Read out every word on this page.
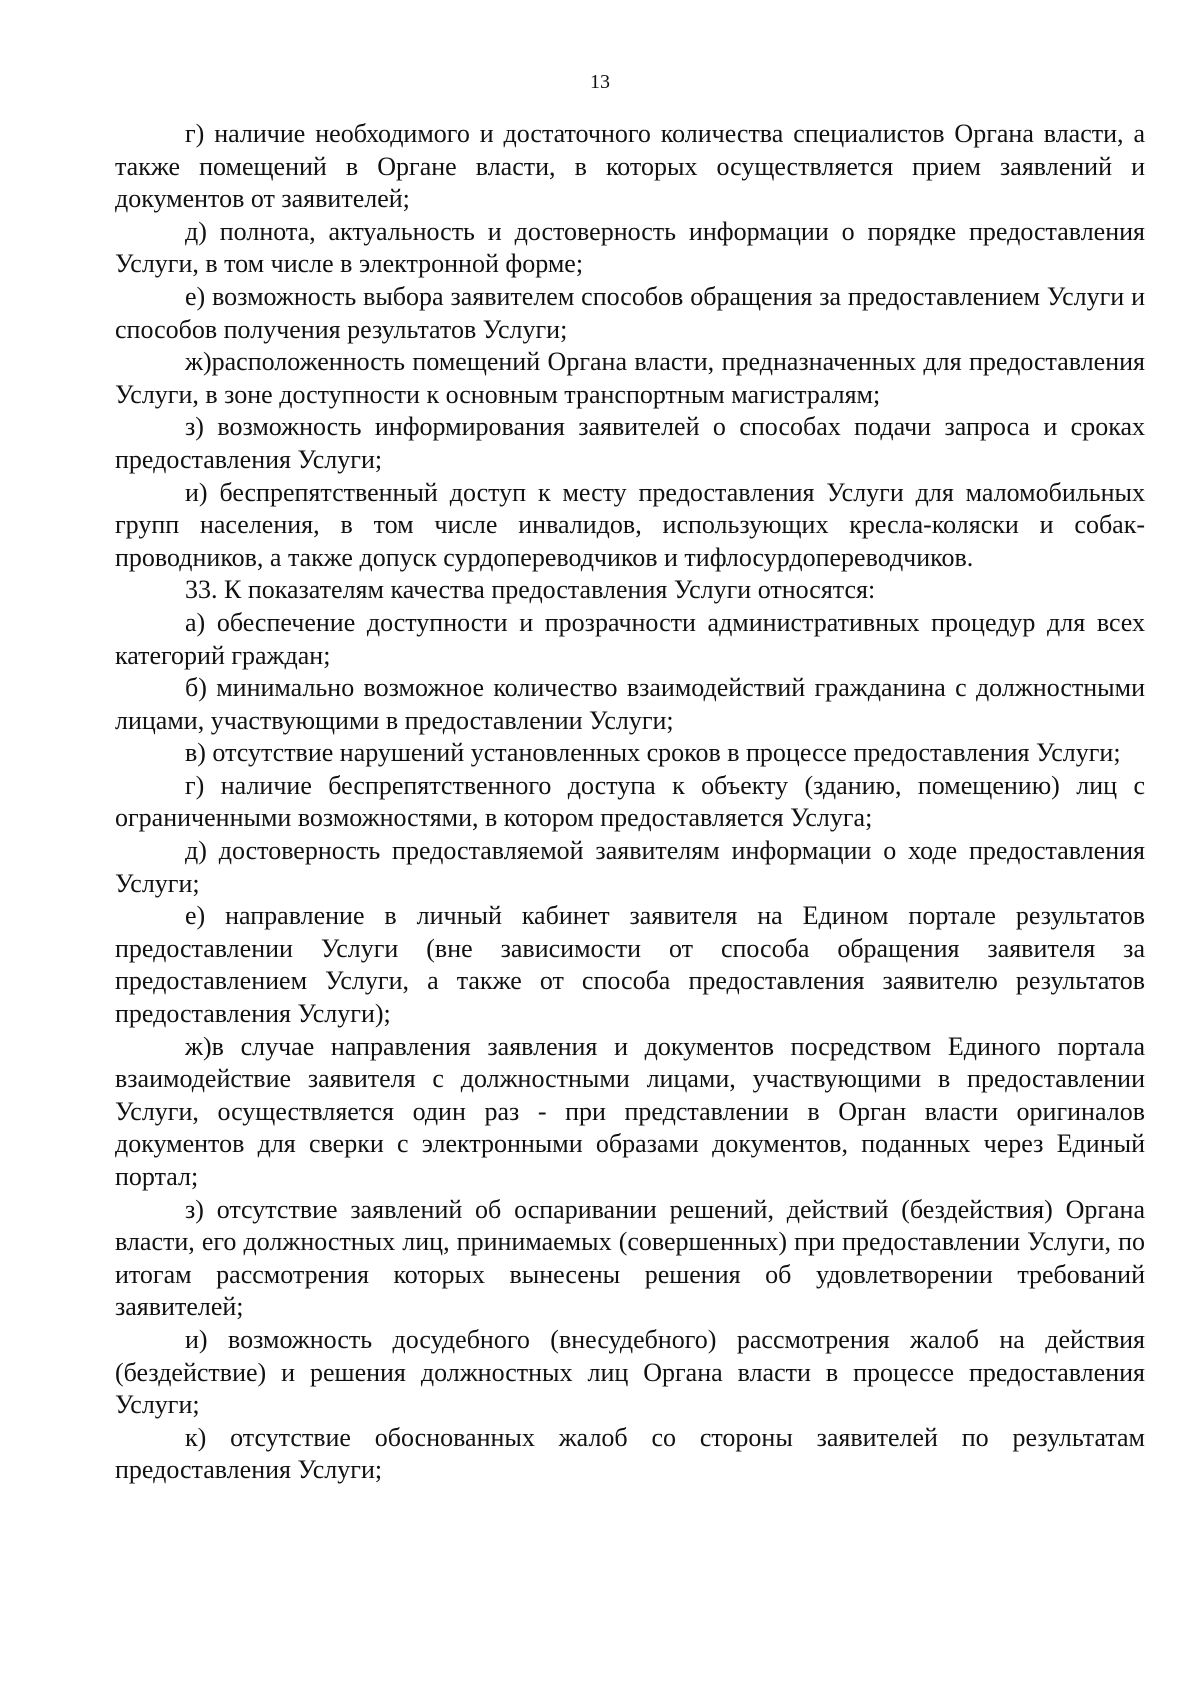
13

г) наличие необходимого и достаточного количества специалистов Органа власти, а также помещений в Органе власти, в которых осуществляется прием заявлений и документов от заявителей;

д) полнота, актуальность и достоверность информации о порядке предоставления Услуги, в том числе в электронной форме;

е) возможность выбора заявителем способов обращения за предоставлением Услуги и способов получения результатов Услуги;

ж)расположенность помещений Органа власти, предназначенных для предоставления Услуги, в зоне доступности к основным транспортным магистралям;

з) возможность информирования заявителей о способах подачи запроса и сроках предоставления Услуги;

и) беспрепятственный доступ к месту предоставления Услуги для маломобильных групп населения, в том числе инвалидов, использующих кресла-коляски и собак-проводников, а также допуск сурдопереводчиков и тифлосурдопереводчиков.

33. К показателям качества предоставления Услуги относятся:

а) обеспечение доступности и прозрачности административных процедур для всех категорий граждан;

б) минимально возможное количество взаимодействий гражданина с должностными лицами, участвующими в предоставлении Услуги;

в) отсутствие нарушений установленных сроков в процессе предоставления Услуги;

г) наличие беспрепятственного доступа к объекту (зданию, помещению) лиц с ограниченными возможностями, в котором предоставляется Услуга;

д) достоверность предоставляемой заявителям информации о ходе предоставления Услуги;

е) направление в личный кабинет заявителя на Едином портале результатов предоставлении Услуги (вне зависимости от способа обращения заявителя за предоставлением Услуги, а также от способа предоставления заявителю результатов предоставления Услуги);

ж)в случае направления заявления и документов посредством Единого портала взаимодействие заявителя с должностными лицами, участвующими в предоставлении Услуги, осуществляется один раз - при представлении в Орган власти оригиналов документов для сверки с электронными образами документов, поданных через Единый портал;

з) отсутствие заявлений об оспаривании решений, действий (бездействия) Органа власти, его должностных лиц, принимаемых (совершенных) при предоставлении Услуги, по итогам рассмотрения которых вынесены решения об удовлетворении требований заявителей;

и) возможность досудебного (внесудебного) рассмотрения жалоб на действия (бездействие) и решения должностных лиц Органа власти в процессе предоставления Услуги;

к) отсутствие обоснованных жалоб со стороны заявителей по результатам предоставления Услуги;
